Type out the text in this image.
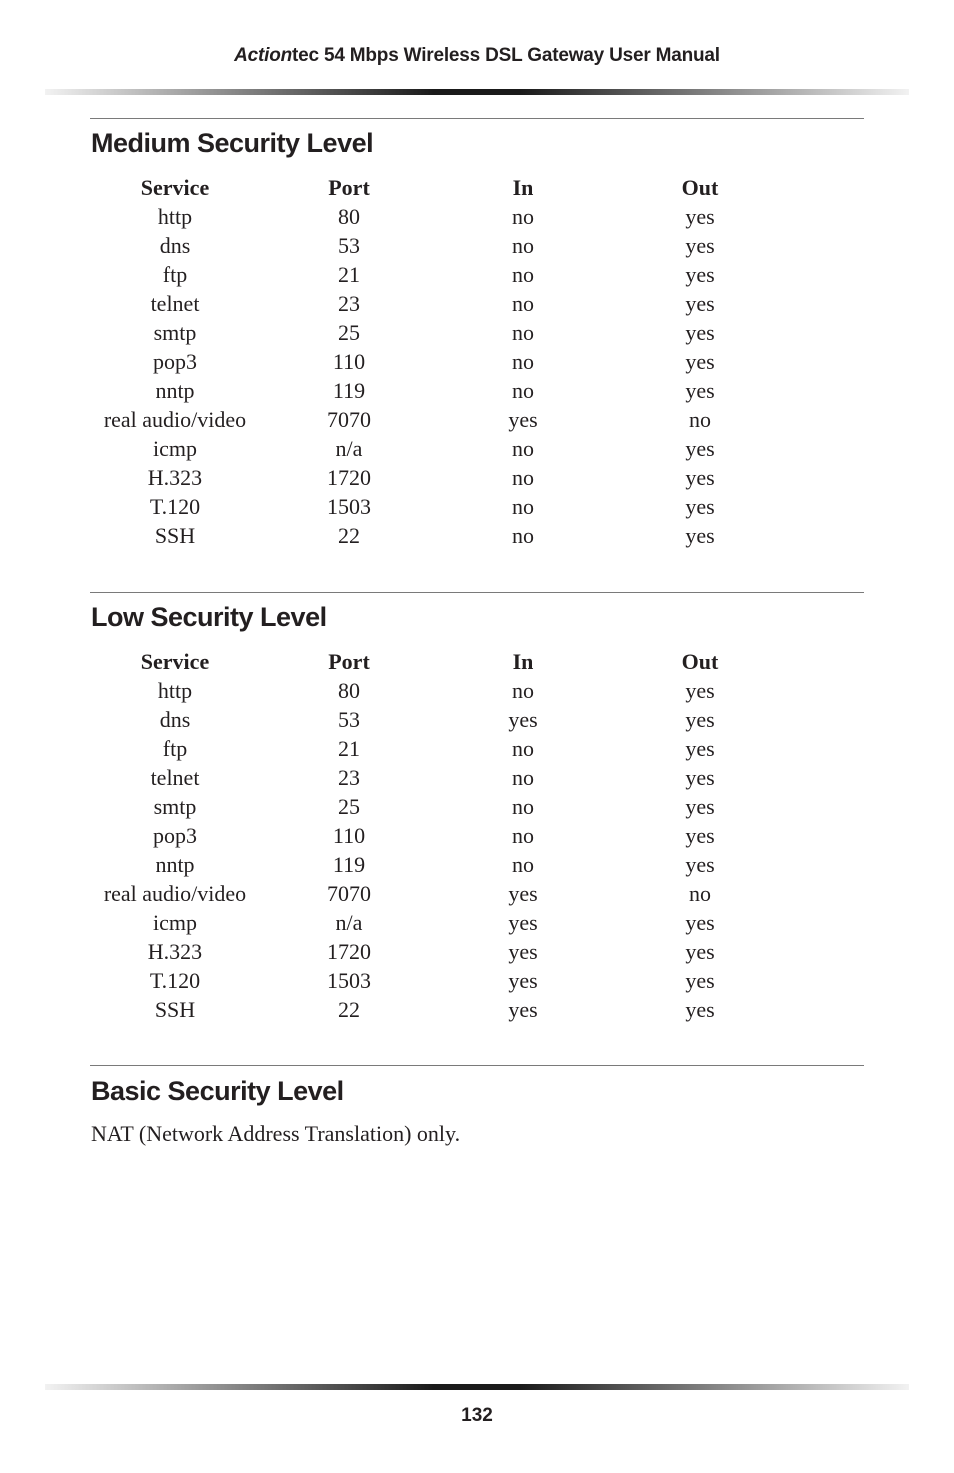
Actiontec 54 Mbps Wireless DSL Gateway User Manual
Medium Security Level
Service	Port	In	Out
http	80	no	yes
dns	53	no	yes
ftp	21	no	yes
telnet	23	no	yes
smtp	25	no	yes
pop3	110	no	yes
nntp	119	no	yes
real audio/video	7070	yes	no
icmp	n/a	no	yes
H.323	1720	no	yes
T.120	1503	no	yes
SSH	22	no	yes
Low Security Level
Service	Port	In	Out
http	80	no	yes
dns	53	yes	yes
ftp	21	no	yes
telnet	23	no	yes
smtp	25	no	yes
pop3	110	no	yes
nntp	119	no	yes
real audio/video	7070	yes	no
icmp	n/a	yes	yes
H.323	1720	yes	yes
T.120	1503	yes	yes
SSH	22	yes	yes
Basic Security Level

NAT (Network Address Translation) only.

132
